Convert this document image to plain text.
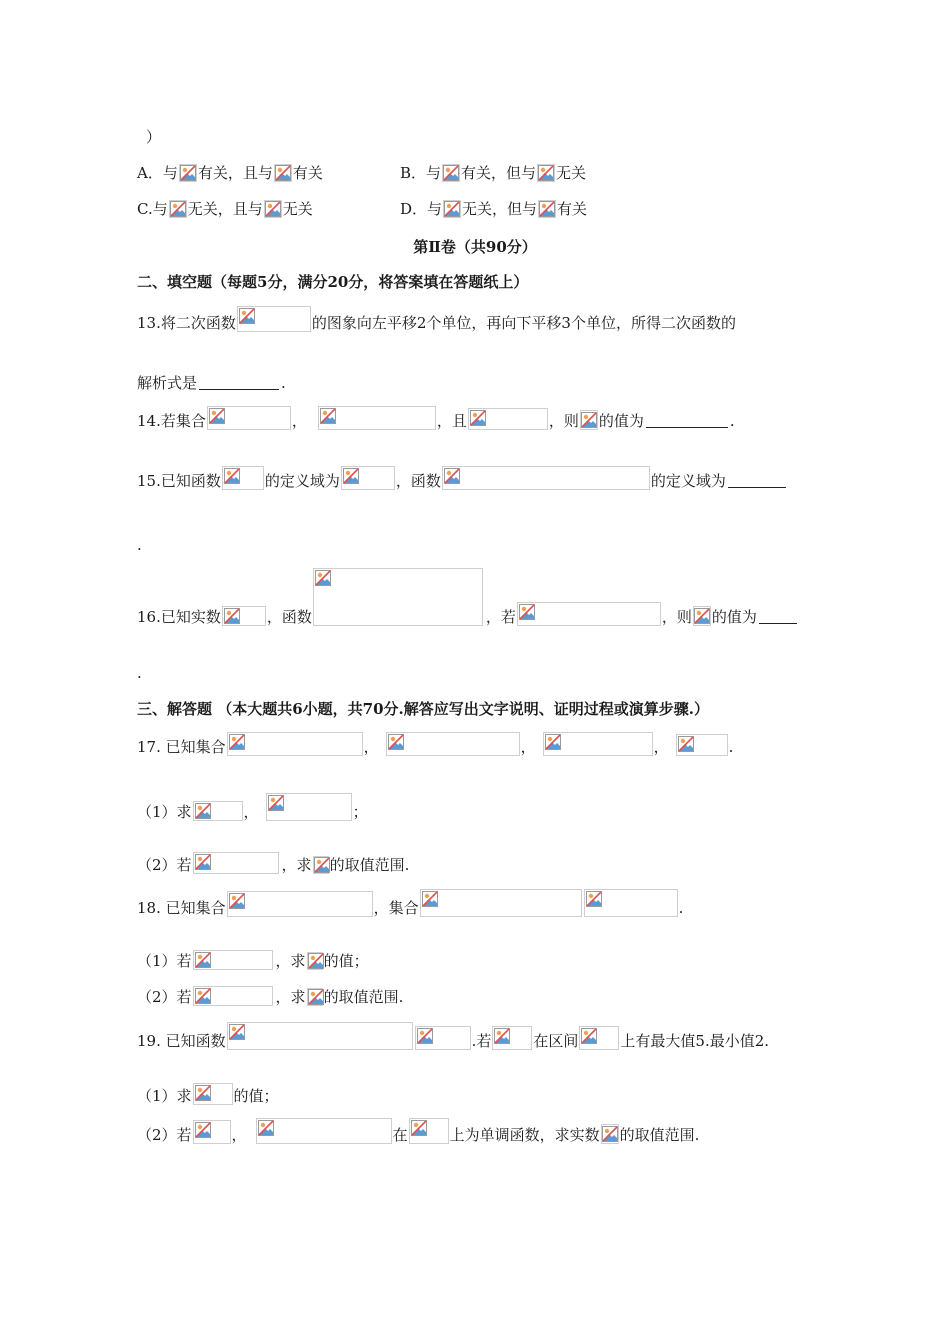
）
A．与 有关，且与 有关	B．与 有关，但与 无关
C.与 无关，且与 无关	D．与 无关，但与 有关
第Ⅱ卷（共90分）
二、填空题（每题5分，满分20分，将答案填在答题纸上）
13.将二次函数	的图象向左平移2个单位，再向下平移3个单位，所得二次函数的
解析式是	.
14.若集合	，	，且	，则 的值为	.
15.已知函数	的定义域为	，函数	的定义域为
.
16.已知实数	，函数	，若	，则 的值为
.
三、解答题 （本大题共6小题，共70分.解答应写出文字说明、证明过程或演算步骤.）
17. 已知集合	，	，	，	.
（1）求	，	；
（2）若	，求 的取值范围.
18. 已知集合	，集合	.
（1）若	，求 的值；
（2）若	，求 的取值范围.
19. 已知函数	.若	在区间	上有最大值5.最小值2.
（1）求	的值；
（2）若	，	在	上为单调函数，求实数 的取值范围.
